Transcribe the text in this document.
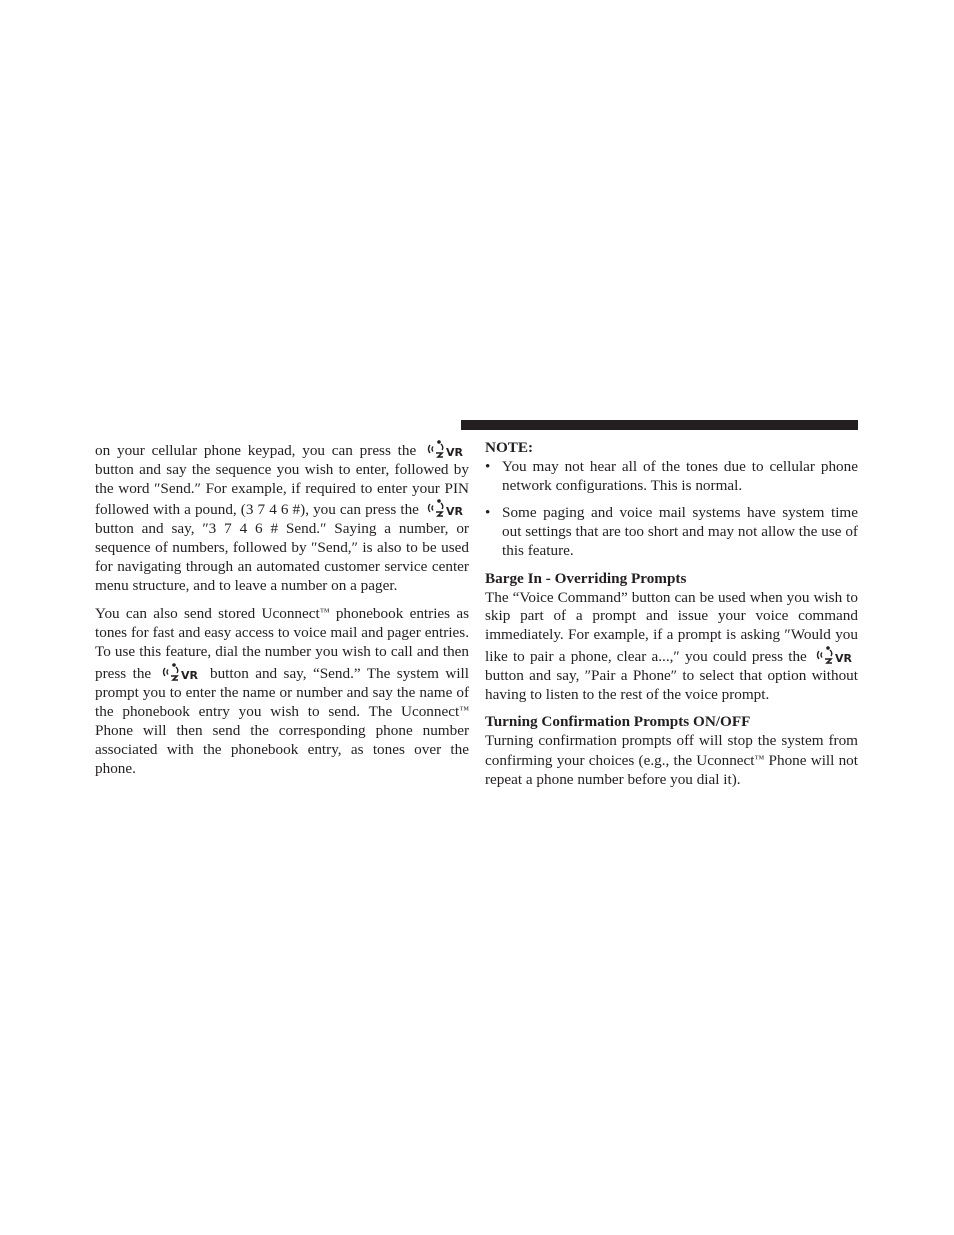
on your cellular phone keypad, you can press the	VR
button and say the sequence you wish to enter, followed by the word ″Send.″ For example, if required to enter your PIN followed with a pound, (3 7 4 6 #), you can press the VR
button and say, ″3 7 4 6 # Send.″ Saying a number, or sequence of numbers, followed by ″Send,″ is also to be used for navigating through an automated customer service center menu structure, and to leave a number on a pager.

You can also send stored Uconnect™ phonebook entries as tones for fast and easy access to voice mail and pager entries. To use this feature, dial the number you wish to call and then press the	VR button and say, “Send.” The system will prompt you to enter the name or number and say the name of the phonebook entry you wish to send. The Uconnect™ Phone will then send the corresponding phone number associated with the phonebook entry, as tones over the phone.

NOTE:

• You may not hear all of the tones due to cellular phone network configurations. This is normal.
• Some paging and voice mail systems have system time out settings that are too short and may not allow the use of this feature.
Barge In - Overriding Prompts

The “Voice Command” button can be used when you wish to skip part of a prompt and issue your voice command immediately. For example, if a prompt is asking ″Would you like to pair a phone, clear a...,″ you could press the	VR
button and say, ″Pair a Phone″ to select that option without having to listen to the rest of the voice prompt.

Turning Confirmation Prompts ON/OFF

Turning confirmation prompts off will stop the system from confirming your choices (e.g., the Uconnect™ Phone will not repeat a phone number before you dial it).
